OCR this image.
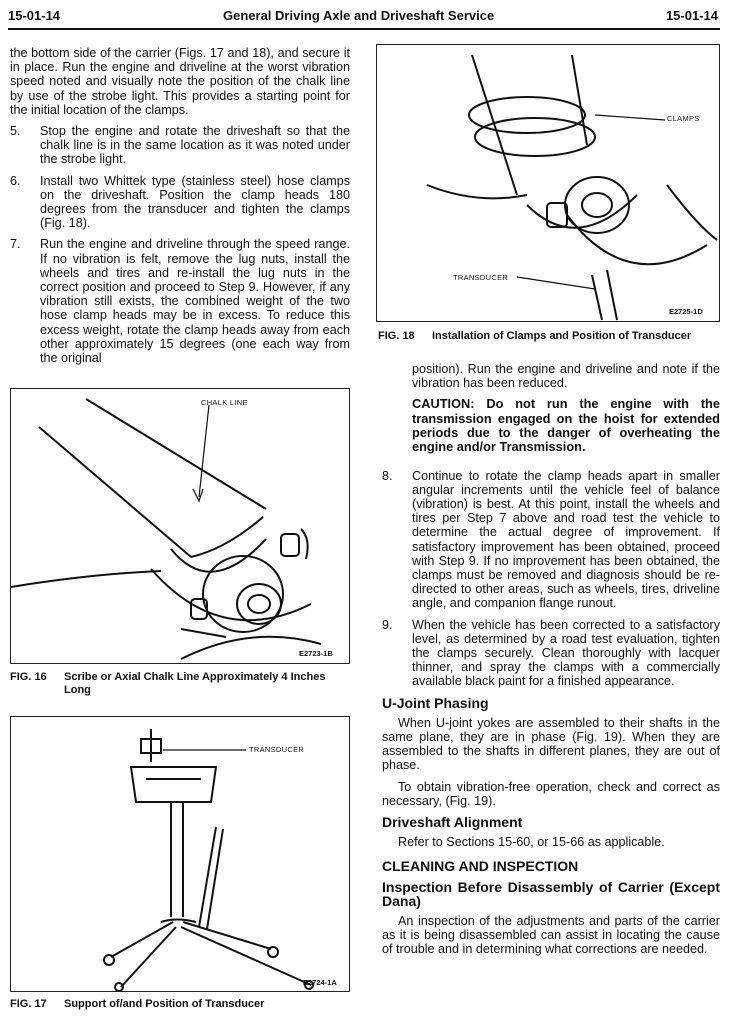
15-01-14	General Driving Axle and Driveshaft Service	15-01-14

the bottom side of the carrier (Figs. 17 and 18), and secure it in place. Run the engine and driveline at the worst vibration speed noted and visually note the position of the chalk line by use of the strobe light. This provides a starting point for the initial location of the clamps.

5.	Stop the engine and rotate the driveshaft so that the chalk line is in the same location as it was noted under the strobe light.
6.	Install two Whittek type (stainless steel) hose clamps on the driveshaft. Position the clamp heads 180 degrees from the transducer and tighten the clamps (Fig. 18).
7.	Run the engine and driveline through the speed range. If no vibration is felt, remove the lug nuts, install the wheels and tires and re-install the lug nuts in the correct position and proceed to Step 9. However, if any vibration still exists, the combined weight of the two hose clamp heads may be in excess. To reduce this excess weight, rotate the clamp heads away from each other approximately 15 degrees (one each way from the original
CHALK LINE
E2723-1B
FIG. 16	Scribe or Axial Chalk Line Approximately 4 Inches Long
TRANSDUCER
E2724-1A
FIG. 17	Support of/and Position of Transducer
CLAMPS
TRANSDUCER
E2725-1D
FIG. 18	Installation of Clamps and Position of Transducer
position). Run the engine and driveline and note if the vibration has been reduced.
CAUTION: Do not run the engine with the transmission engaged on the hoist for extended periods due to the danger of overheating the engine and/or Transmission.
8.	Continue to rotate the clamp heads apart in smaller angular increments until the vehicle feel of balance (vibration) is best. At this point, install the wheels and tires per Step 7 above and road test the vehicle to determine the actual degree of improvement. If satisfactory improvement has been obtained, proceed with Step 9. If no improvement has been obtained, the clamps must be removed and diagnosis should be re-directed to other areas, such as wheels, tires, driveline angle, and companion flange runout.
9.	When the vehicle has been corrected to a satisfactory level, as determined by a road test evaluation, tighten the clamps securely. Clean thoroughly with lacquer thinner, and spray the clamps with a commercially available black paint for a finished appearance.
U-Joint Phasing

When U-joint yokes are assembled to their shafts in the same plane, they are in phase (Fig. 19). When they are assembled to the shafts in different planes, they are out of phase.

To obtain vibration-free operation, check and correct as necessary, (Fig. 19).

Driveshaft Alignment

Refer to Sections 15-60, or 15-66 as applicable.

CLEANING AND INSPECTION
Inspection Before Disassembly of Carrier (Except Dana)

An inspection of the adjustments and parts of the carrier as it is being disassembled can assist in locating the cause of trouble and in determining what corrections are needed.
